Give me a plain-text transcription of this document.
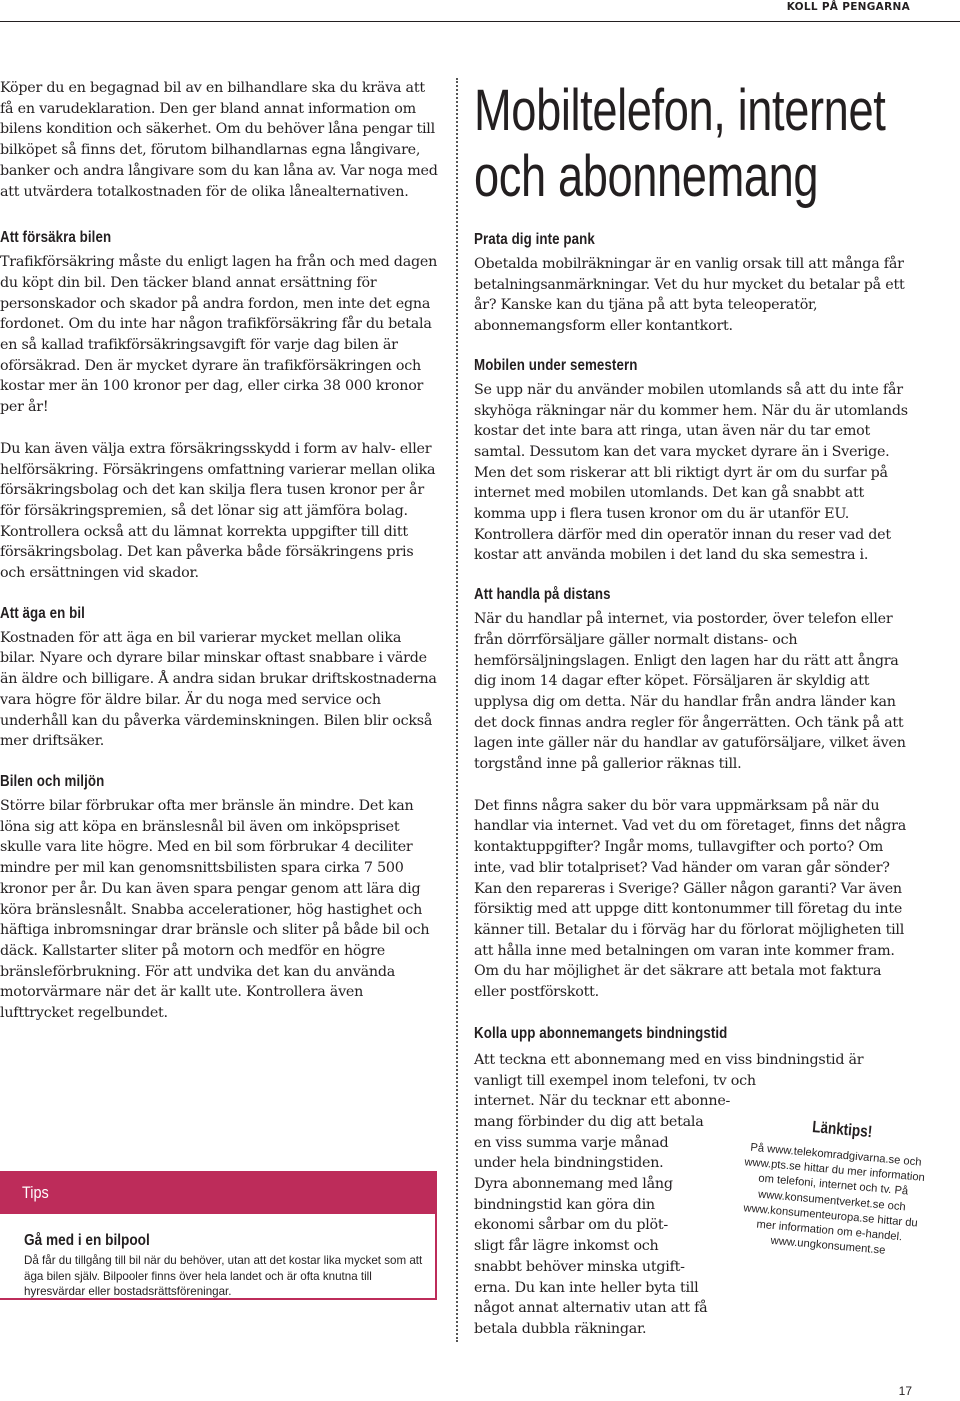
KOLL PÅ PENGARNA

Köper du en begagnad bil av en bilhandlare ska du kräva att få en varudeklaration. Den ger bland annat information om bilens kondition och säkerhet. Om du behöver låna pengar till bilköpet så finns det, förutom bilhandlarnas egna långivare, banker och andra långivare som du kan låna av. Var noga med att utvärdera totalkostnaden för de olika lånealternativen.

Att försäkra bilen

Trafikförsäkring måste du enligt lagen ha från och med dagen du köpt din bil. Den täcker bland annat ersättning för personskador och skador på andra fordon, men inte det egna fordonet. Om du inte har någon trafikförsäkring får du betala en så kallad trafikförsäkringsavgift för varje dag bilen är oförsäkrad. Den är mycket dyrare än trafikförsäkringen och kostar mer än 100 kronor per dag, eller cirka 38 000 kronor per år!

Du kan även välja extra försäkringsskydd i form av halv- eller helförsäkring. Försäkringens omfattning varierar mellan olika försäkringsbolag och det kan skilja flera tusen kronor per år för försäkringspremien, så det lönar sig att jämföra bolag. Kontrollera också att du lämnat korrekta uppgifter till ditt försäkringsbolag. Det kan påverka både försäkringens pris och ersättningen vid skador.

Att äga en bil

Kostnaden för att äga en bil varierar mycket mellan olika bilar. Nyare och dyrare bilar minskar oftast snabbare i värde än äldre och billigare. Å andra sidan brukar driftskostnaderna vara högre för äldre bilar. Är du noga med service och underhåll kan du påverka värdeminskningen. Bilen blir också mer driftsäker.

Bilen och miljön

Större bilar förbrukar ofta mer bränsle än mindre. Det kan löna sig att köpa en bränslesnål bil även om inköpspriset skulle vara lite högre. Med en bil som förbrukar 4 deciliter mindre per mil kan genomsnittsbilisten spara cirka 7 500 kronor per år. Du kan även spara pengar genom att lära dig köra bränslesnålt. Snabba accelerationer, hög hastighet och häftiga inbromsningar drar bränsle och sliter på både bil och däck. Kallstarter sliter på motorn och medför en högre bränsleförbrukning. För att undvika det kan du använda motorvärmare när det är kallt ute. Kontrollera även lufttrycket regelbundet.

Tips
Gå med i en bilpool
Då får du tillgång till bil när du behöver, utan att det kostar lika mycket som att äga bilen själv. Bilpooler finns över hela landet och är ofta knutna till hyresvärdar eller bostadsrättsföreningar.
Mobiltelefon, internet
och abonnemang
Prata dig inte pank

Obetalda mobilräkningar är en vanlig orsak till att många får betalningsanmärkningar. Vet du hur mycket du betalar på ett år? Kanske kan du tjäna på att byta teleoperatör, abonnemangsform eller kontantkort.

Mobilen under semestern

Se upp när du använder mobilen utomlands så att du inte får skyhöga räkningar när du kommer hem. När du är utomlands kostar det inte bara att ringa, utan även när du tar emot samtal. Dessutom kan det vara mycket dyrare än i Sverige. Men det som riskerar att bli riktigt dyrt är om du surfar på internet med mobilen utomlands. Det kan gå snabbt att komma upp i flera tusen kronor om du är utanför EU. Kontrollera därför med din operatör innan du reser vad det kostar att använda mobilen i det land du ska semestra i.

Att handla på distans

När du handlar på internet, via postorder, över telefon eller från dörrförsäljare gäller normalt distans- och hemförsäljningslagen. Enligt den lagen har du rätt att ångra dig inom 14 dagar efter köpet. Försäljaren är skyldig att upplysa dig om detta. När du handlar från andra länder kan det dock finnas andra regler för ångerrätten. Och tänk på att lagen inte gäller när du handlar av gatuförsäljare, vilket även torgstånd inne på gallerior räknas till.

Det finns några saker du bör vara uppmärksam på när du handlar via internet. Vad vet du om företaget, finns det några kontaktuppgifter? Ingår moms, tullavgifter och porto? Om inte, vad blir totalpriset? Vad händer om varan går sönder? Kan den repareras i Sverige? Gäller någon garanti? Var även försiktig med att uppge ditt kontonummer till företag du inte känner till. Betalar du i förväg har du förlorat möjligheten till att hålla inne med betalningen om varan inte kommer fram. Om du har möjlighet är det säkrare att betala mot faktura eller postförskott.

Kolla upp abonnemangets bindningstid

Att teckna ett abonnemang med en viss bindningstid är

vanligt till exempel inom telefoni, tv och

internet. När du tecknar ett abonne-

mang förbinder du dig att betala

en viss summa varje månad

under hela bindningstiden.

Dyra abonnemang med lång

bindningstid kan göra din

ekonomi sårbar om du plöt-

sligt får lägre inkomst och

snabbt behöver minska utgift-

erna. Du kan inte heller byta till

något annat alternativ utan att få

betala dubbla räkningar.

Länktips!
På www.telekomradgivarna.se och www.pts.se hittar du mer information om telefoni, internet och tv. På www.konsumentverket.se och www.konsumenteuropa.se hittar du mer information om e-handel. www.ungkonsument.se
17
